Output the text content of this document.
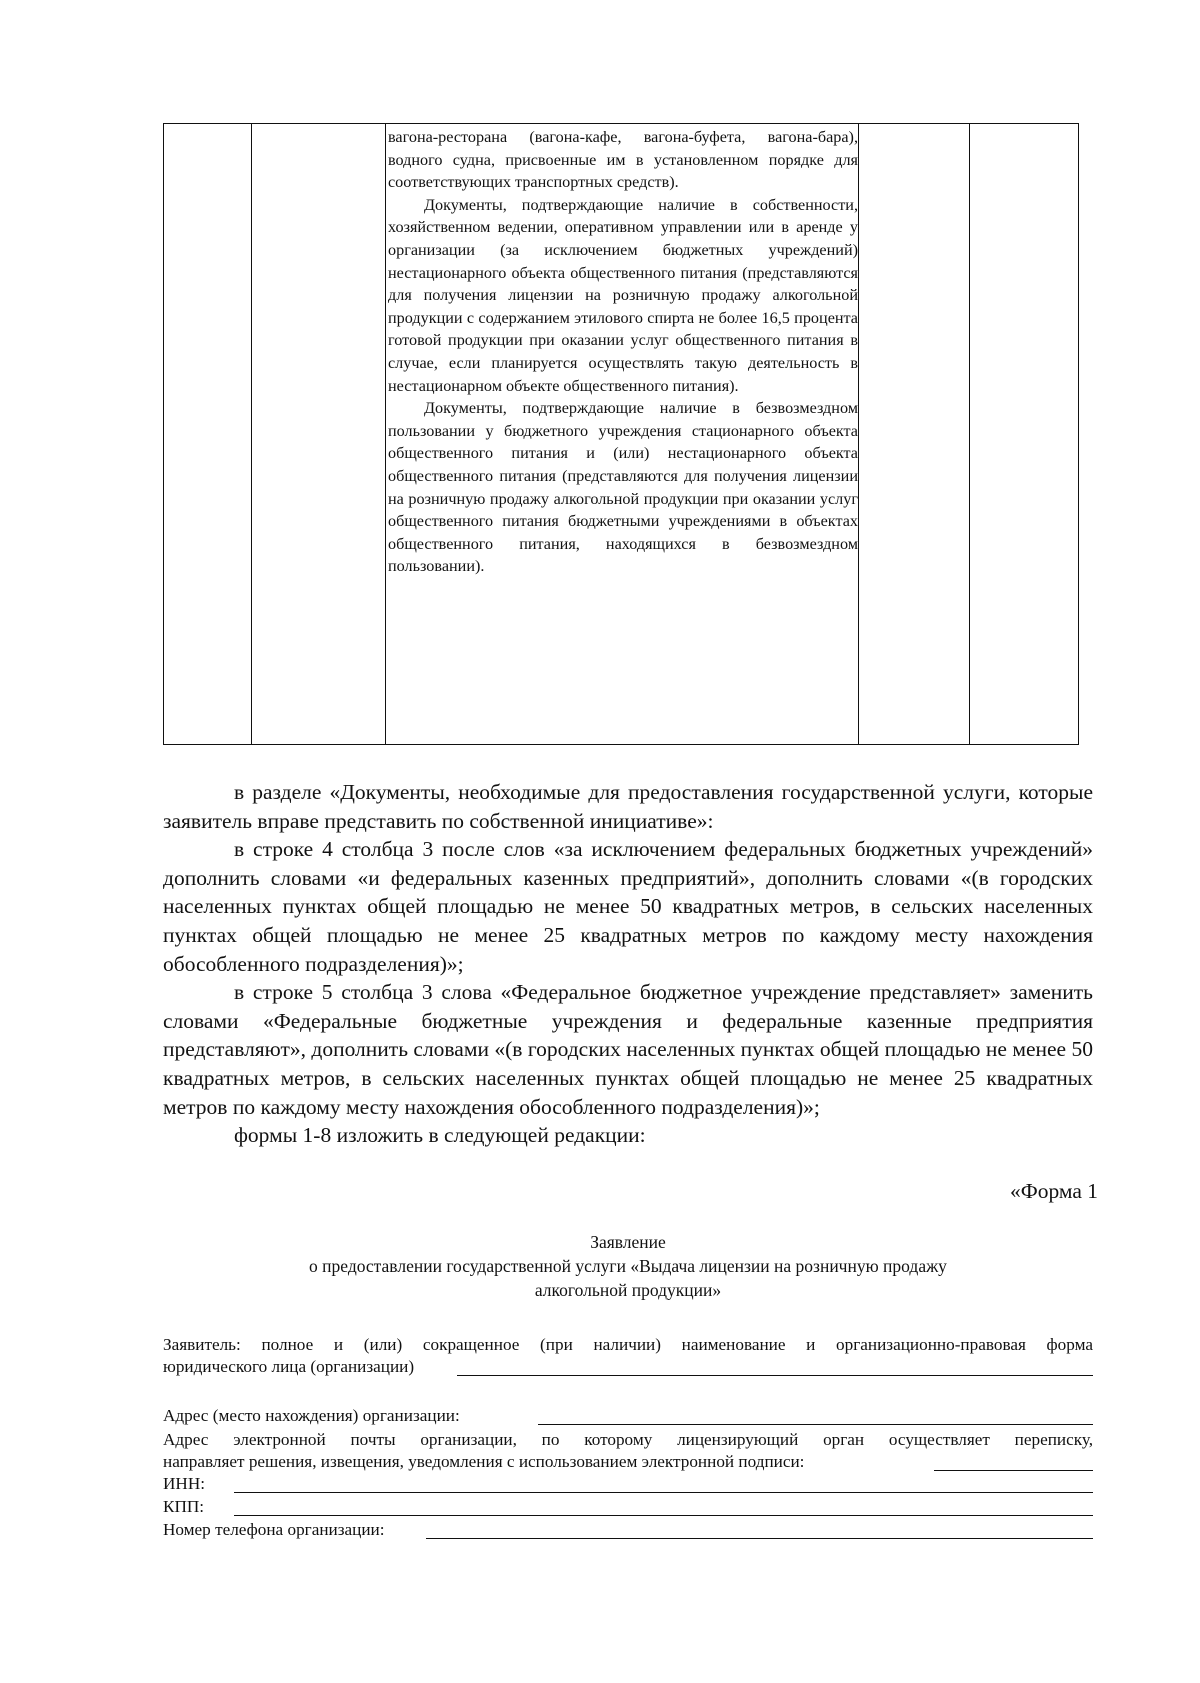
вагона-ресторана (вагона-кафе, вагона-буфета, вагона-бара), водного судна, присвоенные им в установленном порядке для соответствующих транспортных средств).

Документы, подтверждающие наличие в собственности, хозяйственном ведении, оперативном управлении или в аренде у организации (за исключением бюджетных учреждений) нестационарного объекта общественного питания (представляются для получения лицензии на розничную продажу алкогольной продукции с содержанием этилового спирта не более 16,5 процента готовой продукции при оказании услуг общественного питания в случае, если планируется осуществлять такую деятельность в нестационарном объекте общественного питания).

Документы, подтверждающие наличие в безвозмездном пользовании у бюджетного учреждения стационарного объекта общественного питания и (или) нестационарного объекта общественного питания (представляются для получения лицензии на розничную продажу алкогольной продукции при оказании услуг общественного питания бюджетными учреждениями в объектах общественного питания, находящихся в безвозмездном пользовании).

в разделе «Документы, необходимые для предоставления государственной услуги, которые заявитель вправе представить по собственной инициативе»:

в строке 4 столбца 3 после слов «за исключением федеральных бюджетных учреждений» дополнить словами «и федеральных казенных предприятий», дополнить словами «(в городских населенных пунктах общей площадью не менее 50 квадратных метров, в сельских населенных пунктах общей площадью не менее 25 квадратных метров по каждому месту нахождения обособленного подразделения)»;

в строке 5 столбца 3 слова «Федеральное бюджетное учреждение представляет» заменить словами «Федеральные бюджетные учреждения и федеральные казенные предприятия представляют», дополнить словами «(в городских населенных пунктах общей площадью не менее 50 квадратных метров, в сельских населенных пунктах общей площадью не менее 25 квадратных метров по каждому месту нахождения обособленного подразделения)»;

формы 1-8 изложить в следующей редакции:

«Форма 1

Заявление

о предоставлении государственной услуги «Выдача лицензии на розничную продажу

алкогольной продукции»

Заявитель: полное и (или) сокращенное (при наличии) наименование и организационно-правовая форма
юридического лица (организации)
Адрес (место нахождения) организации:
Адрес электронной почты организации, по которому лицензирующий орган осуществляет переписку,
направляет решения, извещения, уведомления с использованием электронной подписи:
ИНН:
КПП:
Номер телефона организации:
